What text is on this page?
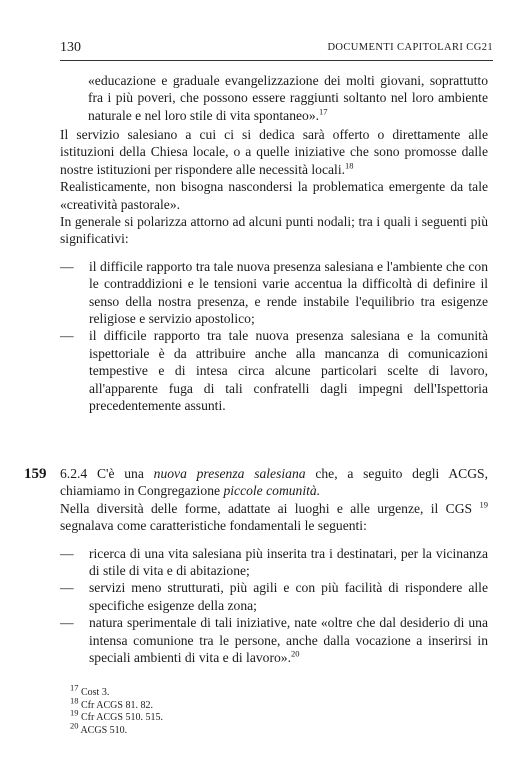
130	DOCUMENTI CAPITOLARI CG21
«educazione e graduale evangelizzazione dei molti giovani, soprattutto fra i più poveri, che possono essere raggiunti soltanto nel loro ambiente naturale e nel loro stile di vita spontaneo».$^{17}$

Il servizio salesiano a cui ci si dedica sarà offerto o direttamente alle istituzioni della Chiesa locale, o a quelle iniziative che sono promosse dalle nostre istituzioni per rispondere alle necessità locali.$^{18}$

Realisticamente, non bisogna nascondersi la problematica emergente da tale «creatività pastorale».

In generale si polarizza attorno ad alcuni punti nodali; tra i quali i seguenti più significativi:

— il difficile rapporto tra tale nuova presenza salesiana e l'ambiente che con le contraddizioni e le tensioni varie accentua la difficoltà di definire il senso della nostra presenza, e rende instabile l'equilibrio tra esigenze religiose e servizio apostolico;
— il difficile rapporto tra tale nuova presenza salesiana e la comunità ispettoriale è da attribuire anche alla mancanza di comunicazioni tempestive e di intesa circa alcune particolari scelte di lavoro, all'apparente fuga di tali confratelli dagli impegni dell'Ispettoria precedentemente assunti.
159 6.2.4 C'è una nuova presenza salesiana che, a seguito degli ACGS, chiamiamo in Congregazione piccole comunità.

Nella diversità delle forme, adattate ai luoghi e alle urgenze, il CGS $^{19}$ segnalava come caratteristiche fondamentali le seguenti:

— ricerca di una vita salesiana più inserita tra i destinatari, per la vicinanza di stile di vita e di abitazione;
— servizi meno strutturati, più agili e con più facilità di rispondere alle specifiche esigenze della zona;
— natura sperimentale di tali iniziative, nate «oltre che dal desiderio di una intensa comunione tra le persone, anche dalla vocazione a inserirsi in speciali ambienti di vita e di lavoro».$^{20}$
$^{17}$ Cost 3.
$^{18}$ Cfr ACGS 81. 82.
$^{19}$ Cfr ACGS 510. 515.
$^{20}$ ACGS 510.
